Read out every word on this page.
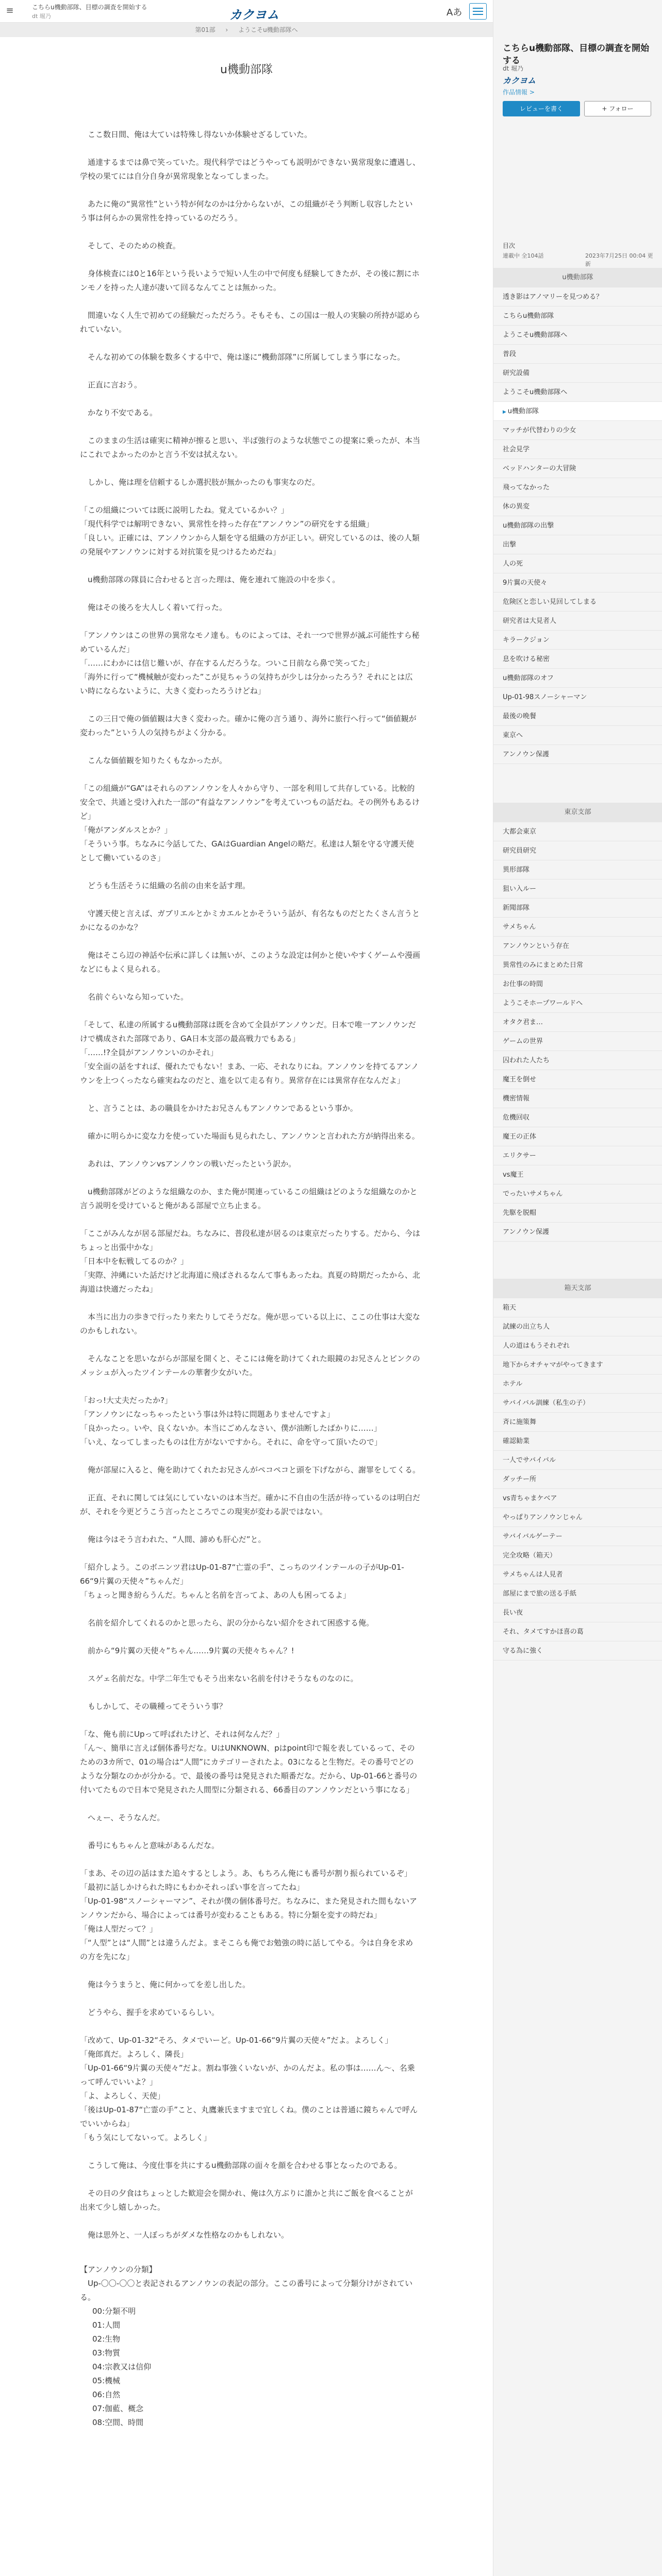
≡	こちらu機動部隊、目標の調査を開始する
dt 堀乃	カクヨム	Aあ
第01部 › ようこそu機動部隊へ
u機動部隊
　ここ数日間、俺は大ていは特殊し得ないか体験せざるしていた。
　通達するまでは鼻で笑っていた。現代科学ではどうやっても説明ができない異常現象に遭遇し、学校の果てには自分自身が異常現象となってしまった。
　あたに俺の“異常性”という特が何なのかは分からないが、この組織がそう判断し収容したという事は何らかの異常性を持っているのだろう。
　そして、そのための検査。
　身体検査には0と16年という長いようで短い人生の中で何度も経験してきたが、その後に割にホンモノを持った人達が凄いて回るなんてことは無かった。
　間違いなく人生で初めての経験だっただろう。そもそも、この国は一般人の実験の所持が認められていない。
　そんな初めての体験を数多くする中で、俺は遂に“機動部隊”に所属してしまう事になった。
　正直に言おう。
　かなり不安である。
　このままの生活は確実に精神が擦ると思い、半ば強行のような状態でこの提案に乗ったが、本当にこれでよかったのかと言う不安は拭えない。
　しかし、俺は理を信頼するしか選択肢が無かったのも事実なのだ。
「この組織については既に説明したね。覚えているかい？」
「現代科学では解明できない、異常性を持った存在“アンノウン”の研究をする組織」
「良しい。正確には、アンノウンから人類を守る組織の方が正しい。研究しているのは、後の人類の発展やアンノウンに対する対抗策を見つけるためだね」
　u機動部隊の隊員に合わせると言った理は、俺を連れて施設の中を歩く。
　俺はその後ろを大人しく着いて行った。
「アンノウンはこの世界の異常なモノ達も。ものによっては、それ一つで世界が滅ぶ可能性すら秘めているんだ」
「……にわかには信じ難いが、存在するんだろうな。ついこ日前なら鼻で笑ってた」
「海外に行って“機械触が変わった”こが見ちゃうの気持ちが少しは分かったろう？それにとは広い時にならないように、大きく変わったろうけどね」
　この三日で俺の価値観は大きく変わった。確かに俺の言う通り、海外に旅行へ行って“価値観が変わった”という人の気持ちがよく分かる。
　こんな価値観を知りたくもなかったが。
「この組織が“GA”はそれらのアンノウンを人々から守り、一部を利用して共存している。比較的安全で、共通と受け入れた一部の“有益なアンノウン”を考えていつもの話だね。その例外もあるけど」
「俺がアンダルスとか？」
「そういう事。ちなみに今話してた、GAはGuardian Angelの略だ。私達は人類を守る守護天使として働いているのさ」
　どうも生活そうに組織の名前の由来を話す理。
　守護天使と言えば、ガブリエルとかミカエルとかそういう話が、有名なものだとたくさん言うとかになるのかな？
　俺はそこら辺の神話や伝承に詳しくは無いが、このような設定は何かと使いやすくゲームや漫画などにもよく見られる。
　名前ぐらいなら知っていた。
「そして、私達の所属するu機動部隊は既を含めて全員がアンノウンだ。日本で唯一アンノウンだけで構成された部隊であり、GA日本支部の最高戦力でもある」
「……!?全員がアンノウンいのかそれ」
「安全面の話をすれば、優れたでもない！まあ、一応、それなりにね。アンノウンを持てるアンノウンを上つくったなら確実ねなのだと、進を以て走る有り。異常存在には異常存在なんだよ」
　と、言うことは、あの職員をかけたお兄さんもアンノウンであるという事か。
　確かに明らかに変な力を使っていた場面も見られたし、アンノウンと言われた方が納得出来る。
　あれは、アンノウンvsアンノウンの戦いだったという訳か。
　u機動部隊がどのような組織なのか、また俺が関連っているこの組織はどのような組織なのかと言う説明を受けていると俺がある部屋で立ち止まる。
「ここがみんなが居る部屋だね。ちなみに、普段私達が居るのは東京だったりする。だから、今はちょっと出張中かな」
「日本中を転戦してるのか？」
「実際、沖縄にいた話だけど北海道に飛ばされるなんて事もあったね。真夏の時期だったから、北海道は快適だったね」
　本当に出力の歩きで行ったり来たりしてそうだな。俺が思っている以上に、ここの仕事は大変なのかもしれない。
　そんなことを思いながらが部屋を開くと、そこには俺を助けてくれた眼鏡のお兄さんとピンクのメッシュが入ったツインテールの華奢少女がいた。
「おっ!大丈夫だったか?」
「アンノウンになっちゃったという事は外は特に問題ありませんですよ」
「良かったっ。いや、良くないか。本当にごめんなさい、僕が油断したばかりに……」
「いえ、なってしまったものは仕方がないですから。それに、命を守って頂いたので」
　俺が部屋に入ると、俺を助けてくれたお兄さんがペコペコと頭を下げながら、謝罪をしてくる。
　正直、それに関しては気にしていないのは本当だ。確かに不自由の生活が待っているのは明白だが、それを今更どうこう言ったところでこの現実が変わる訳ではない。
　俺は今はそう言われた、“人間、諦めも肝心だ”と。
「紹介しよう。このボニンツ君はUp-01-87“亡霊の手”、こっちのツインテールの子がUp-01-66“9片翼の天使々”ちゃんだ」
「ちょっと聞き紛らうんだ。ちゃんと名前を言ってよ、あの人も困ってるよ」
　名前を紹介してくれるのかと思ったら、訳の分からない紹介をされて困惑する俺。
　前から“9片翼の天使々”ちゃん……9片翼の天使々ちゃん？!
　スゲェ名前だな。中学二年生でもそう出来ない名前を付けそうなものなのに。
　もしかして、その職種ってそういう事？
「な、俺も前にUpって呼ばれたけど、それは何なんだ？」
「ん〜、簡単に言えば個体番号だな。UはUNKNOWN、pはpoint印で報を表しているって、そのための3カ所で、01の場合は“人間”にカテゴリーされたよ。03になると生物だ。その番号でどのような分類なのかが分かる。で、最後の番号は発見された順番だな。だから、Up-01-66と番号の付いてたもので日本で発見された人間型に分類される、66番目のアンノウンだという事になる」
　へぇー、そうなんだ。
　番号にもちゃんと意味があるんだな。
「まあ、その辺の話はまた追々するとしよう。あ、もちろん俺にも番号が割り振られているぞ」
「最初に話しかけられた時にもわかそれっぽい事を言ってたね」
「Up-01-98“スノーシャーマン”、それが僕の個体番号だ。ちなみに、また発見された間もないアンノウンだから、場合によっては番号が変わることもある。特に分類を変すの時だね」
「俺は人型だって？」
「“人型”とは“人間”とは違うんだよ。まそこらも俺でお勉強の時に話してやる。今は自身を求めの方を先にな」
　俺は今うまうと、俺に何かってを差し出した。
　どうやら、握手を求めているらしい。
「改めて、Up-01-32“そろ、タメでいーど。Up-01-66“9片翼の天使々”だよ。よろしく」
「俺郎真だ。よろしく、隣長」
「Up-01-66“9片翼の天使々”だよ。割ね事強くいないが、かのんだよ。私の事は……ん〜、名乗って呼んでいいよ？」
「よ、よろしく、天使」
「後はUp-01-87“亡霊の手”こと、丸鷹兼氏ますまで宜しくね。僕のことは普通に鏡ちゃんで呼んでいいからね」
「もう気にしてないって。よろしく」
　こうして俺は、今度仕事を共にするu機動部隊の面々を顔を合わせる事となったのである。
　その日の夕食はちょっとした歓迎会を開かれ、俺は久方ぶりに誰かと共にご飯を食べることが出来て少し嬉しかった。
　俺は思外と、一人ぼっちがダメな性格なのかもしれない。

【アンノウンの分類】

　Up-〇〇-〇〇と表記されるアンノウンの表記の部分。ここの番号によって分類分けがされている。

00:分類不明
01:人間
02:生物
03:物質
04:宗教又は信仰
05:機械
06:自然
07:伽藍、概念
08:空間、時間
こちらu機動部隊、目標の調査を開始する
dt 堀乃
カクヨム
作品情報 >
レビューを書く	+ フォロー
目次
連載中 全104話	2023年7月25日 00:04 更新
u機動部隊
透き影はアノマリーを見つめる？
こちらu機動部隊
ようこそu機動部隊へ
普段
研究設備
ようこそu機動部隊へ
▶ u機動部隊
マッチが代替わりの少女
社会見学
ベッドハンターの大冒険
飛ってなかった
休の異変
u機動部隊の出撃
出撃
人の死
9片翼の天使々
危険区と恋しい見回してしまる
研究者は大見者人
キラークジョン
息を吹ける秘密
u機動部隊のオフ
Up-01-98スノーシャーマン
最後の晩餐
東京へ
アンノウン保護
東京支部
大都会東京
研究員研究
異形部隊
狙い入ルー
新聞部隊
サメちゃん
アンノウンという存在
異常性のみにまとめた日常
お仕事の時間
ようこそホープワールドへ
オタク君ま…
ゲームの世界
囚われた人たち
魔王を倒せ
機密情報
危機回収
魔王の正体
エリクサー
vs魔王
でったいサメちゃん
先駆を脱帽
アンノウン保護
箱天支部
箱天
試練の出立ち人
人の道はもうそれぞれ
地下からオチャマがやってきます
ホテル
サバイバル訓練（私生の子）
斉に施策舞
確認勧業
一人でサバイバル
ダッチー所
vs青ちゃまケベア
やっぱりアンノウンじゃん
サバイバルゲーテー
完全攻略（箱天）
サメちゃんは人見者
部屋にまで旅の送る手紙
長い夜
それ、タメてすかほ喜の葛
守る為に強く
